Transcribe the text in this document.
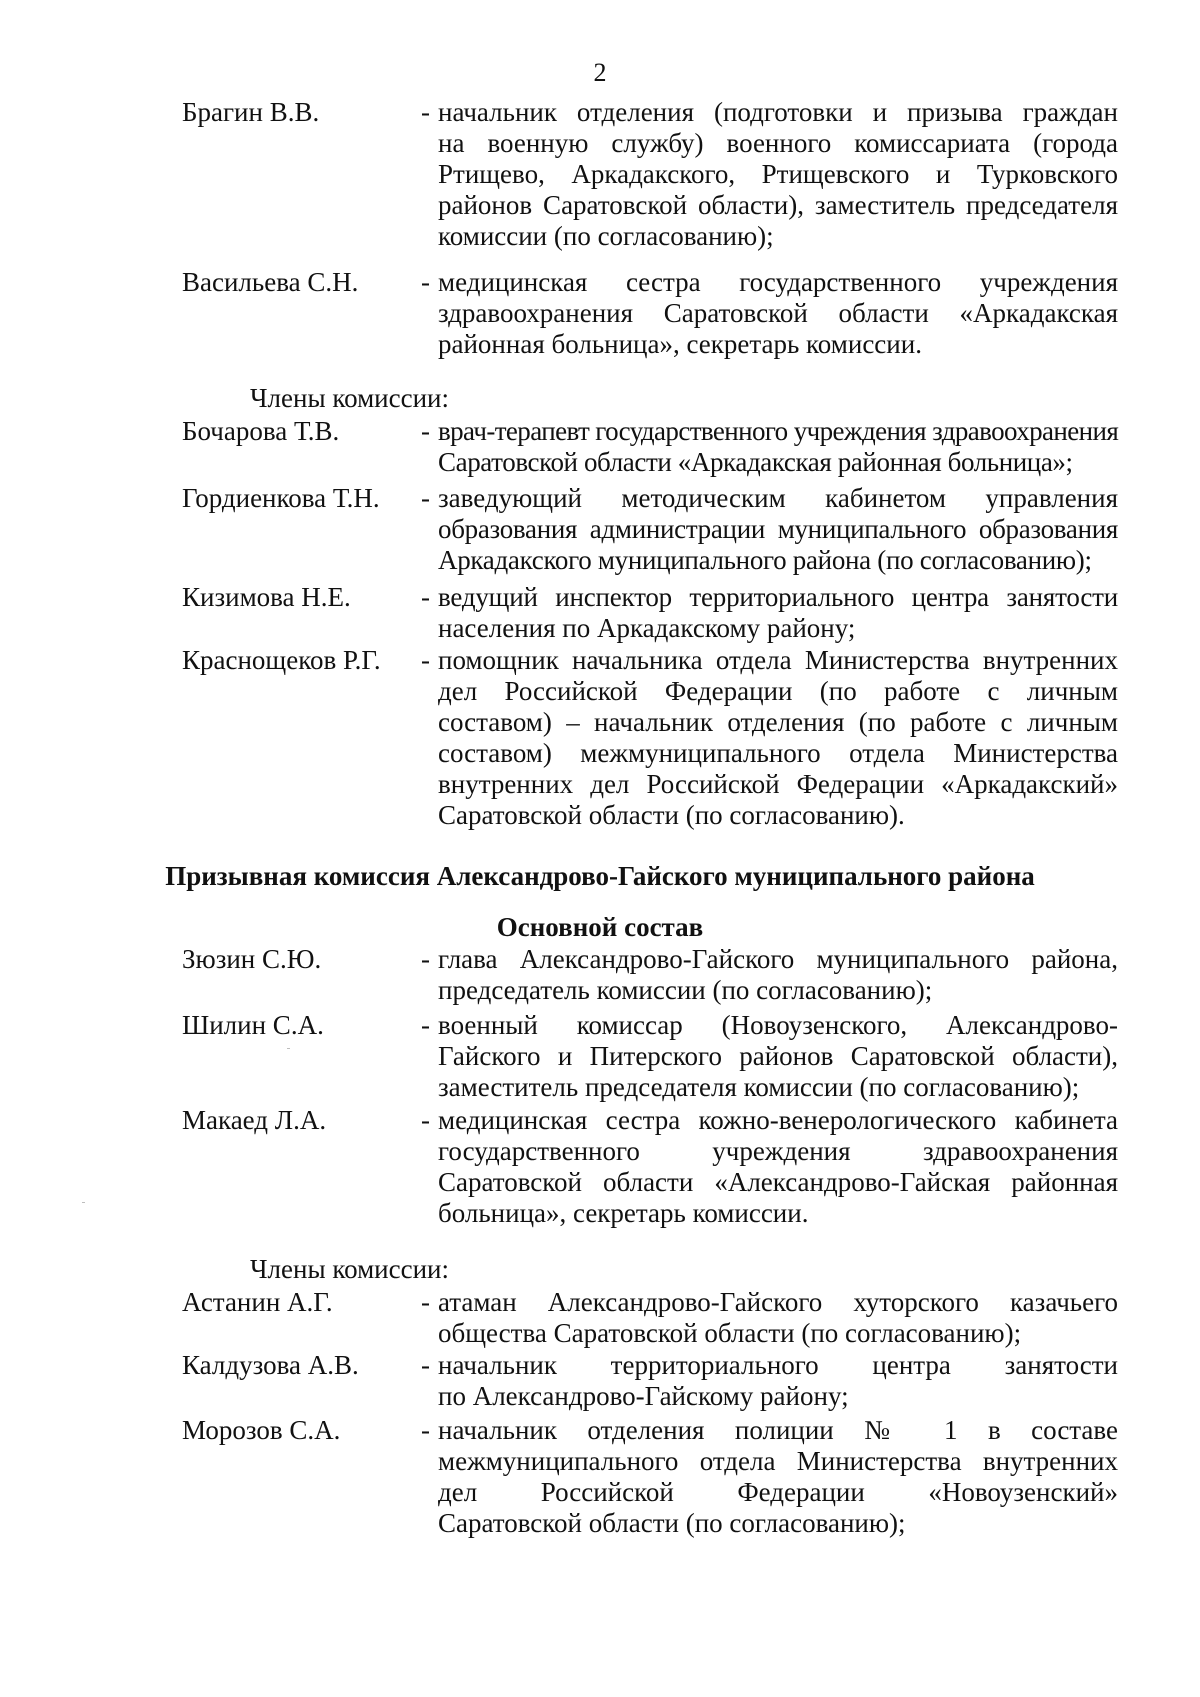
2
Брагин В.В.	- начальник отделения (подготовки и призыва граждан
на военную службу) военного комиссариата (города
Ртищево, Аркадакского, Ртищевского и Турковского
районов Саратовской области), заместитель председателя
комиссии (по согласованию);
Васильева С.Н.	- медицинская сестра государственного учреждения
здравоохранения Саратовской области «Аркадакская
районная больница», секретарь комиссии.
Члены комиссии:
Бочарова Т.В.	- врач-терапевт государственного учреждения здравоохранения
Саратовской области «Аркадакская районная больница»;
Гордиенкова Т.Н.	- заведующий методическим кабинетом управления
образования администрации муниципального образования
Аркадакского муниципального района (по согласованию);
Кизимова Н.Е.	- ведущий инспектор территориального центра занятости
населения по Аркадакскому району;
Краснощеков Р.Г.	- помощник начальника отдела Министерства внутренних
дел Российской Федерации (по работе с личным
составом) – начальник отделения (по работе с личным
составом) межмуниципального отдела Министерства
внутренних дел Российской Федерации «Аркадакский»
Саратовской области (по согласованию).
Призывная комиссия Александрово-Гайского муниципального района
Основной состав
Зюзин С.Ю.	- глава Александрово-Гайского муниципального района,
председатель комиссии (по согласованию);
Шилин С.А.	- военный комиссар (Новоузенского, Александрово-
Гайского и Питерского районов Саратовской области),
заместитель председателя комиссии (по согласованию);
Макаед Л.А.	- медицинская сестра кожно-венерологического кабинета
государственного учреждения здравоохранения
Саратовской области «Александрово-Гайская районная
больница», секретарь комиссии.
Члены комиссии:
Астанин А.Г.	- атаман Александрово-Гайского хуторского казачьего
общества Саратовской области (по согласованию);
Калдузова А.В.	- начальник территориального центра занятости
по Александрово-Гайскому району;
Морозов С.А.	- начальник отделения полиции № 1 в составе
межмуниципального отдела Министерства внутренних
дел Российской Федерации «Новоузенский»
Саратовской области (по согласованию);
